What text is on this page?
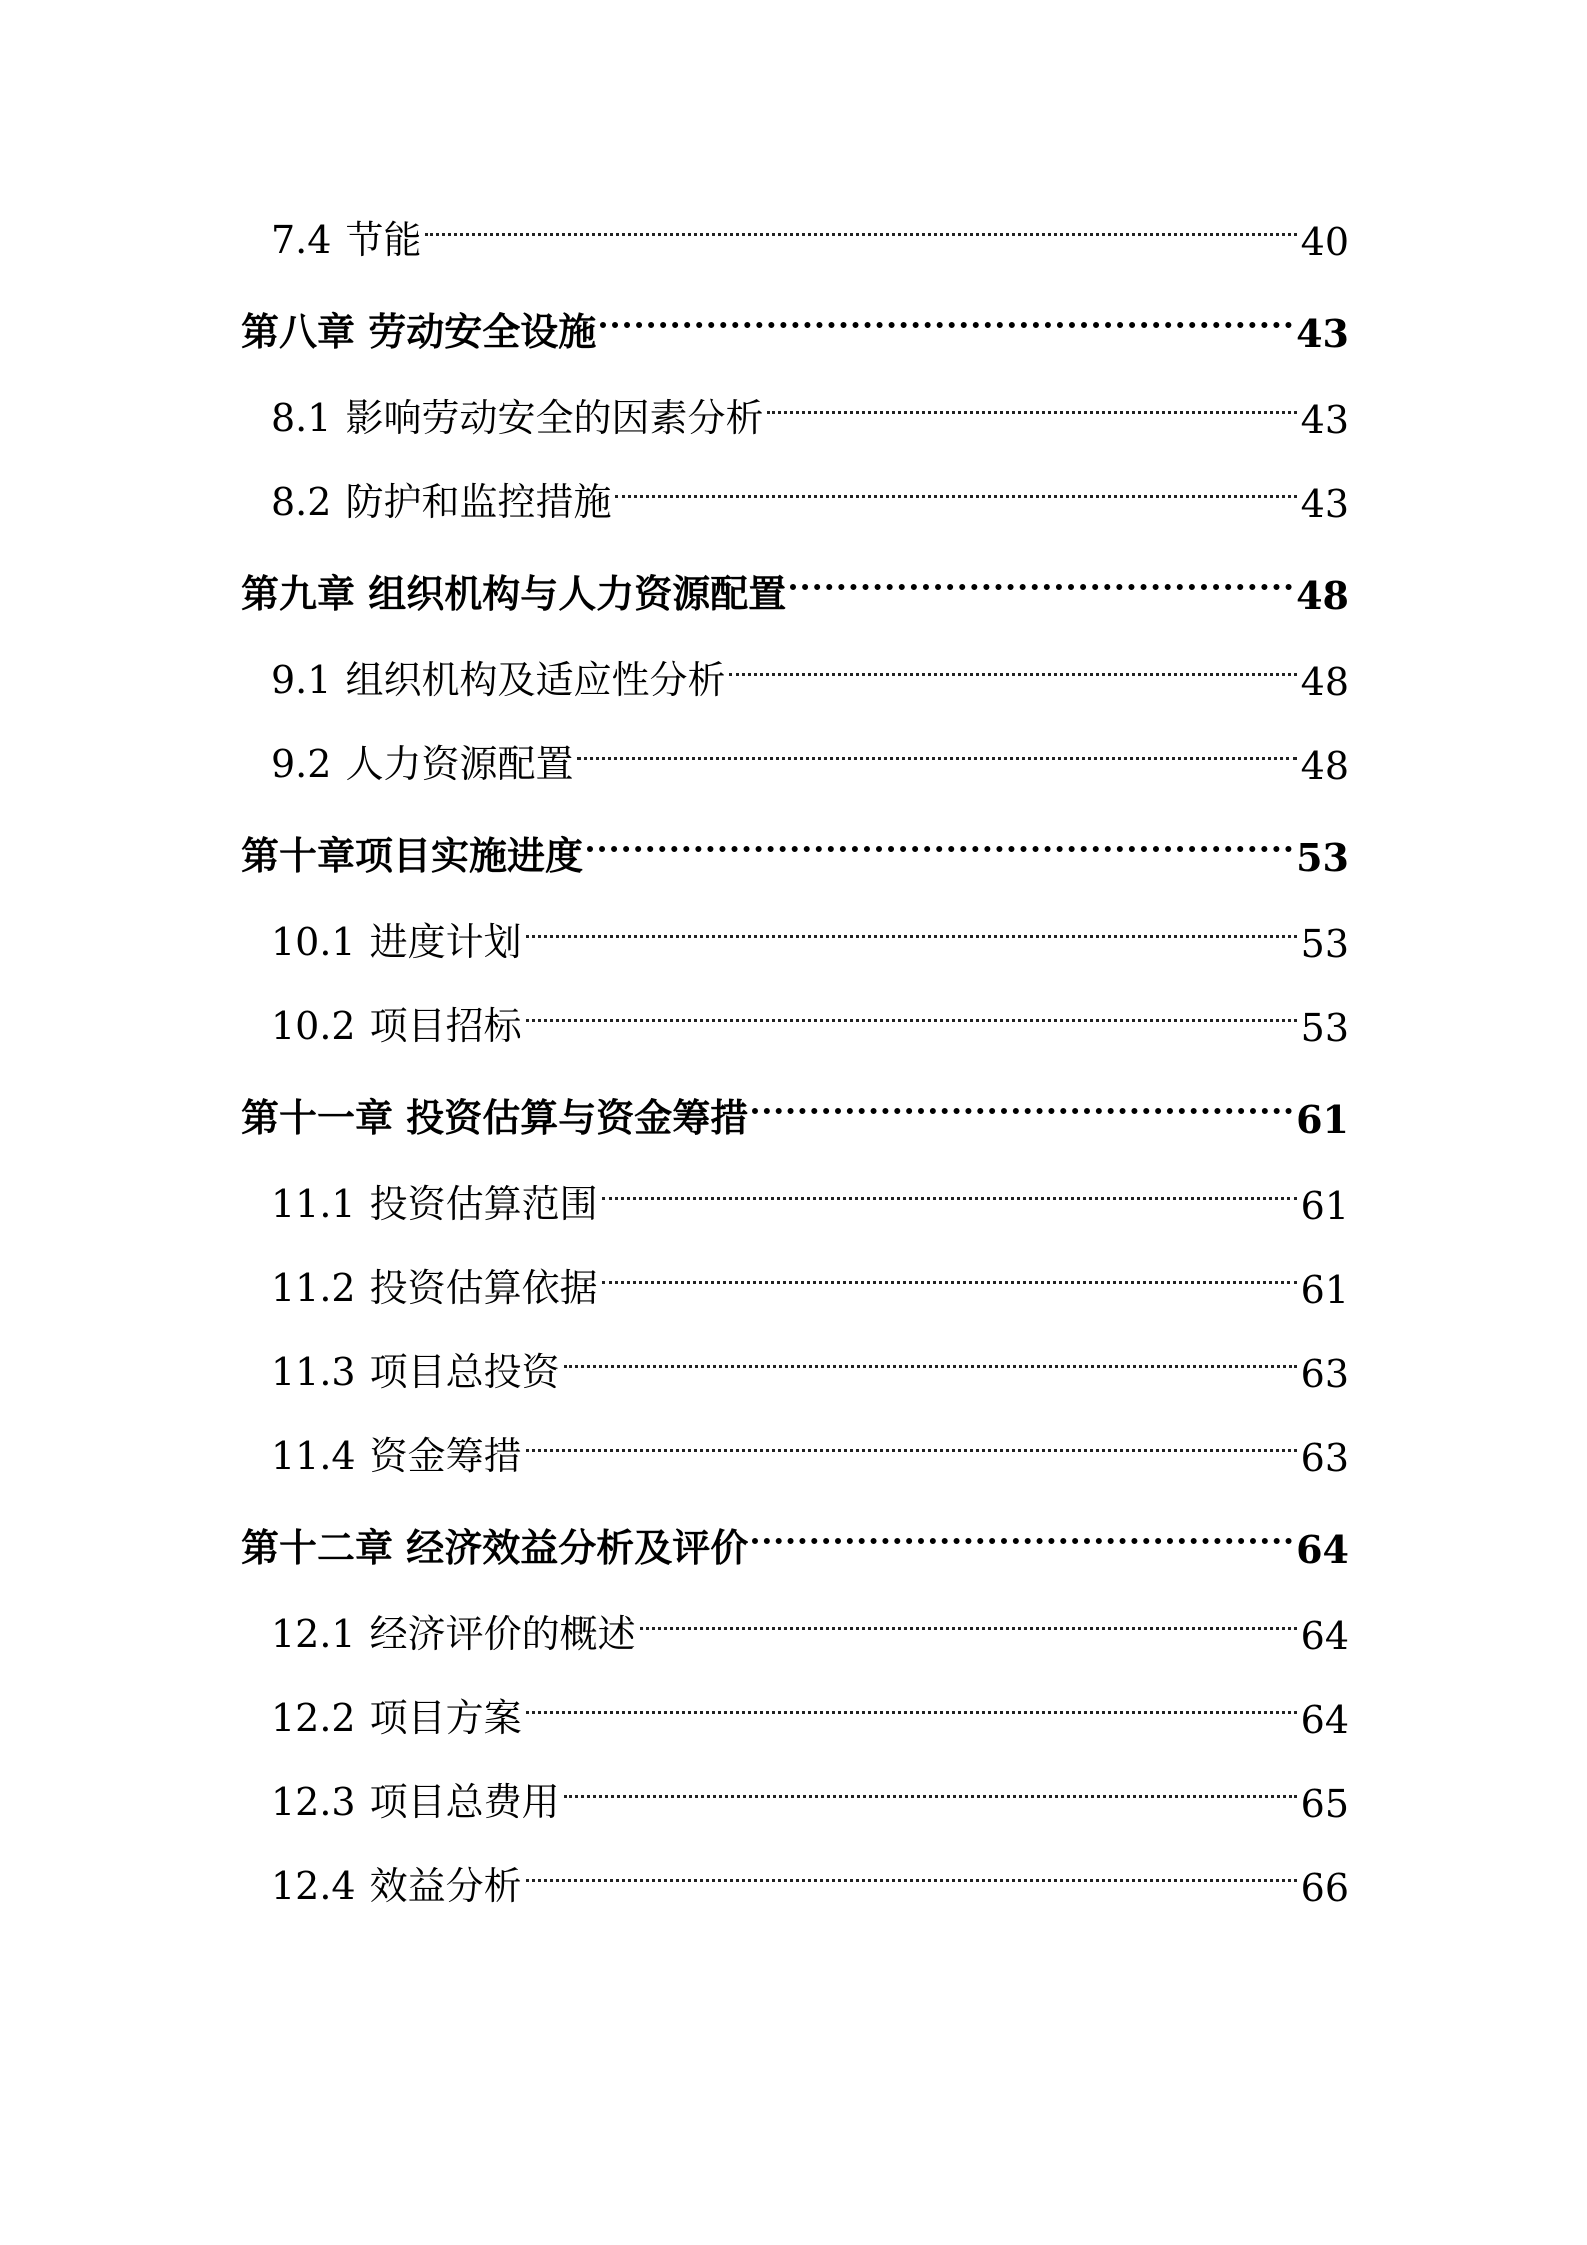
7.4 节能	40
第八章 劳动安全设施	43
8.1 影响劳动安全的因素分析	43
8.2 防护和监控措施	43
第九章 组织机构与人力资源配置	48
9.1 组织机构及适应性分析	48
9.2 人力资源配置	48
第十章项目实施进度	53
10.1 进度计划	53
10.2 项目招标	53
第十一章 投资估算与资金筹措	61
11.1 投资估算范围	61
11.2 投资估算依据	61
11.3 项目总投资	63
11.4 资金筹措	63
第十二章 经济效益分析及评价	64
12.1 经济评价的概述	64
12.2 项目方案	64
12.3 项目总费用	65
12.4 效益分析	66
